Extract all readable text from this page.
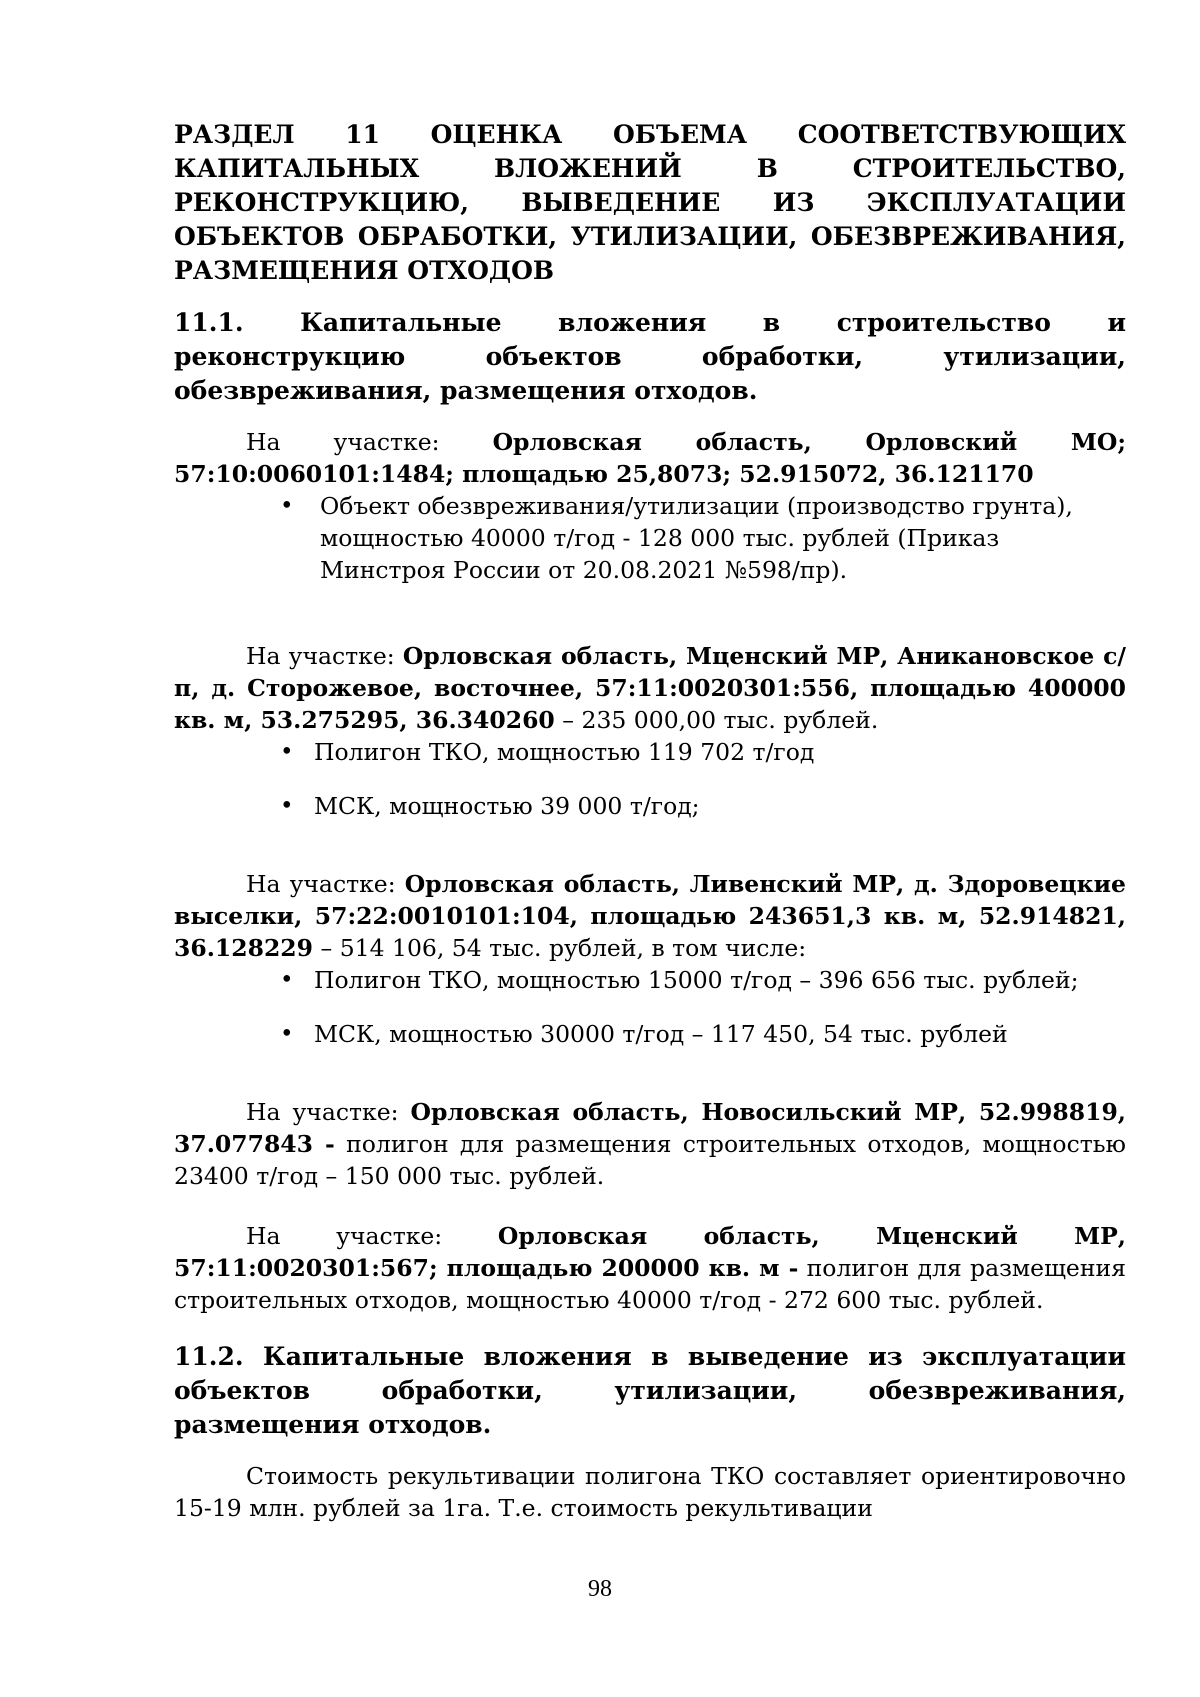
РАЗДЕЛ 11 ОЦЕНКА ОБЪЕМА СООТВЕТСТВУЮЩИХ КАПИТАЛЬНЫХ ВЛОЖЕНИЙ В СТРОИТЕЛЬСТВО, РЕКОНСТРУКЦИЮ, ВЫВЕДЕНИЕ ИЗ ЭКСПЛУАТАЦИИ ОБЪЕКТОВ ОБРАБОТКИ, УТИЛИЗАЦИИ, ОБЕЗВРЕЖИВАНИЯ, РАЗМЕЩЕНИЯ ОТХОДОВ

11.1. Капитальные вложения в строительство и реконструкцию объектов обработки, утилизации, обезвреживания, размещения отходов.

На участке: Орловская область, Орловский МО; 57:10:0060101:1484; площадью 25,8073; 52.915072, 36.121170

• Объект обезвреживания/утилизации (производство грунта), мощностью 40000 т/год - 128 000 тыс. рублей (Приказ Минстроя России от 20.08.2021 №598/пр).

На участке: Орловская область, Мценский МР, Аникановское с/п, д. Сторожевое, восточнее, 57:11:0020301:556, площадью 400000 кв. м, 53.275295, 36.340260 – 235 000,00 тыс. рублей.

• Полигон ТКО, мощностью 119 702 т/год
• МСК, мощностью 39 000 т/год;

На участке: Орловская область, Ливенский МР, д. Здоровецкие выселки, 57:22:0010101:104, площадью 243651,3 кв. м, 52.914821, 36.128229 – 514 106, 54 тыс. рублей, в том числе:

• Полигон ТКО, мощностью 15000 т/год – 396 656 тыс. рублей;
• МСК, мощностью 30000 т/год – 117 450, 54 тыс. рублей

На участке: Орловская область, Новосильский МР, 52.998819, 37.077843 - полигон для размещения строительных отходов, мощностью 23400 т/год – 150 000 тыс. рублей.

На участке: Орловская область, Мценский МР, 57:11:0020301:567; площадью 200000 кв. м - полигон для размещения строительных отходов, мощностью 40000 т/год - 272 600 тыс. рублей.

11.2. Капитальные вложения в выведение из эксплуатации объектов обработки, утилизации, обезвреживания, размещения отходов.

Стоимость рекультивации полигона ТКО составляет ориентировочно 15-19 млн. рублей за 1га. Т.е. стоимость рекультивации

98
